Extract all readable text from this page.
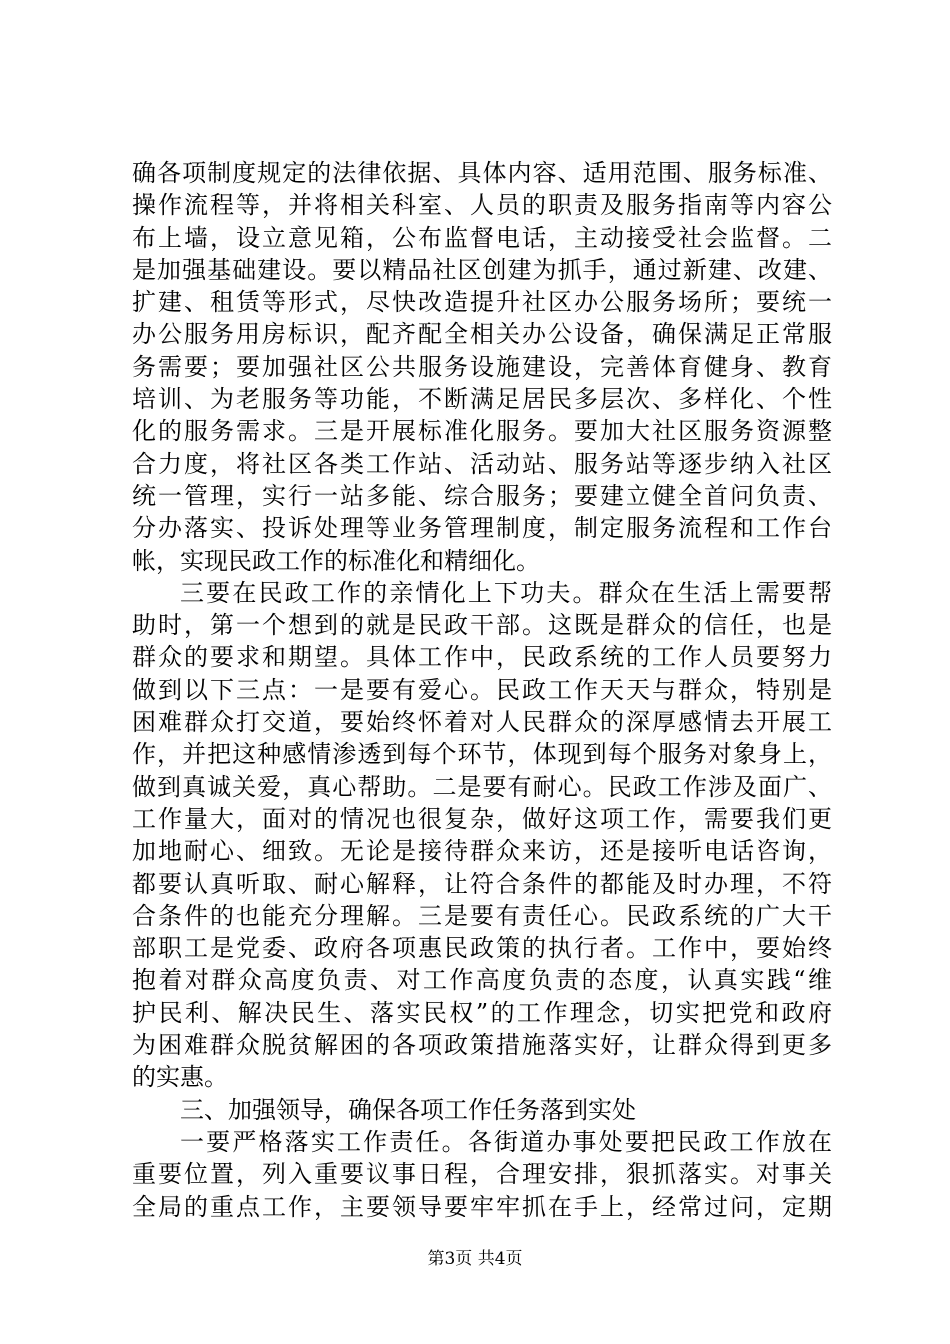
确各项制度规定的法律依据、具体内容、适用范围、服务标准、
操作流程等，并将相关科室、人员的职责及服务指南等内容公
布上墙，设立意见箱，公布监督电话，主动接受社会监督。二
是加强基础建设。要以精品社区创建为抓手，通过新建、改建、
扩建、租赁等形式，尽快改造提升社区办公服务场所；要统一
办公服务用房标识，配齐配全相关办公设备，确保满足正常服
务需要；要加强社区公共服务设施建设，完善体育健身、教育
培训、为老服务等功能，不断满足居民多层次、多样化、个性
化的服务需求。三是开展标准化服务。要加大社区服务资源整
合力度，将社区各类工作站、活动站、服务站等逐步纳入社区
统一管理，实行一站多能、综合服务；要建立健全首问负责、
分办落实、投诉处理等业务管理制度，制定服务流程和工作台
帐，实现民政工作的标准化和精细化。
三要在民政工作的亲情化上下功夫。群众在生活上需要帮
助时，第一个想到的就是民政干部。这既是群众的信任，也是
群众的要求和期望。具体工作中，民政系统的工作人员要努力
做到以下三点：一是要有爱心。民政工作天天与群众，特别是
困难群众打交道，要始终怀着对人民群众的深厚感情去开展工
作，并把这种感情渗透到每个环节，体现到每个服务对象身上，
做到真诚关爱，真心帮助。二是要有耐心。民政工作涉及面广、
工作量大，面对的情况也很复杂，做好这项工作，需要我们更
加地耐心、细致。无论是接待群众来访，还是接听电话咨询，
都要认真听取、耐心解释，让符合条件的都能及时办理，不符
合条件的也能充分理解。三是要有责任心。民政系统的广大干
部职工是党委、政府各项惠民政策的执行者。工作中，要始终
抱着对群众高度负责、对工作高度负责的态度，认真实践“维
护民利、解决民生、落实民权”的工作理念，切实把党和政府
为困难群众脱贫解困的各项政策措施落实好，让群众得到更多
的实惠。
三、加强领导，确保各项工作任务落到实处
一要严格落实工作责任。各街道办事处要把民政工作放在
重要位置，列入重要议事日程，合理安排，狠抓落实。对事关
全局的重点工作，主要领导要牢牢抓在手上，经常过问，定期
第3页 共4页
